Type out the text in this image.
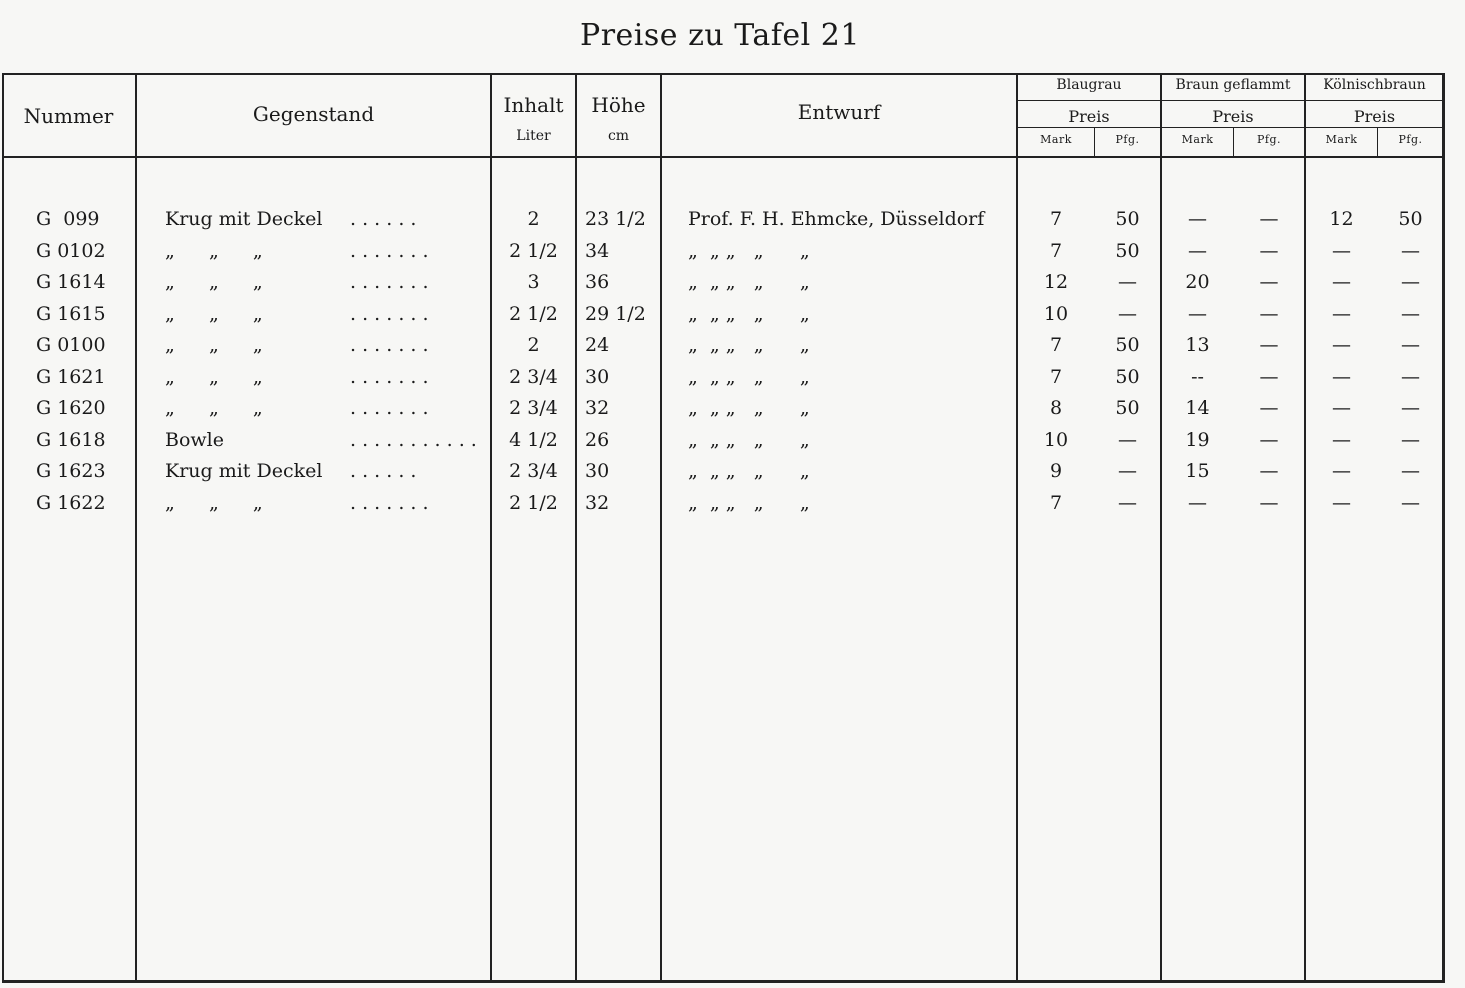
Preise zu Tafel 21
Nummer	Gegenstand	Inhalt
Liter
Höhe
cm
Entwurf
Blaugrau
Preis
Mark	Pfg.
Braun geflammt
Preis
Mark	Pfg.
Kölnischbraun
Preis
Mark	Pfg.
G  099	Krug mit Deckel	. . . . . .	2	23 1/2	Prof. F. H. Ehmcke, Düsseldorf	7	50	—	—	12	50
G 0102	„   „   „	. . . . . . .	2 1/2	34	„  „ „   „      „	7	50	—	—	—	—
G 1614	„   „   „	. . . . . . .	3	36	„  „ „   „      „	12	—	20	—	—	—
G 1615	„   „   „	. . . . . . .	2 1/2	29 1/2	„  „ „   „      „	10	—	—	—	—	—
G 0100	„   „   „	. . . . . . .	2	24	„  „ „   „      „	7	50	13	—	—	—
G 1621	„   „   „	. . . . . . .	2 3/4	30	„  „ „   „      „	7	50	--	—	—	—
G 1620	„   „   „	. . . . . . .	2 3/4	32	„  „ „   „      „	8	50	14	—	—	—
G 1618	Bowle	. . . . . . . . . . .	4 1/2	26	„  „ „   „      „	10	—	19	—	—	—
G 1623	Krug mit Deckel	. . . . . .	2 3/4	30	„  „ „   „      „	9	—	15	—	—	—
G 1622	„   „   „	. . . . . . .	2 1/2	32	„  „ „   „      „	7	—	—	—	—	—
